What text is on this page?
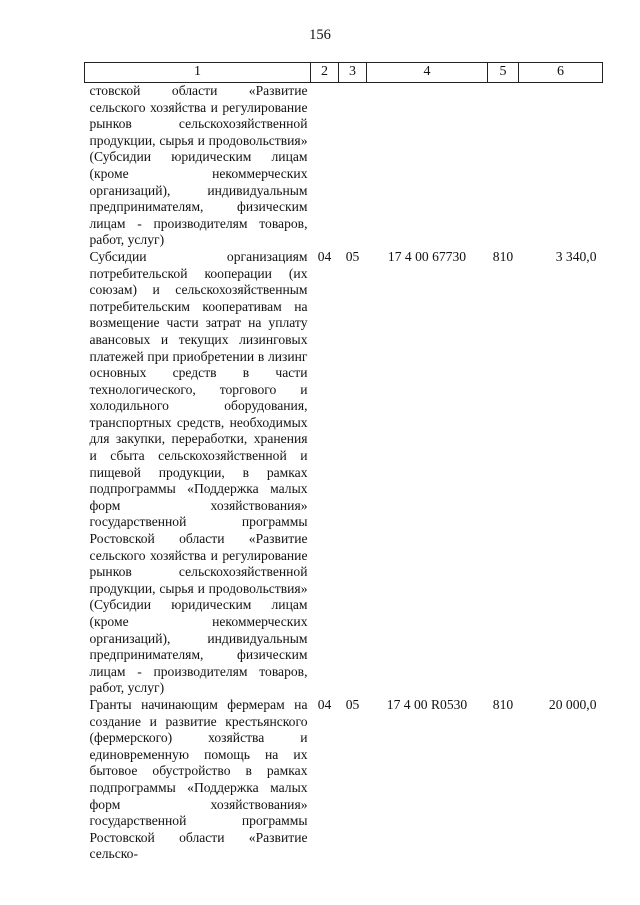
156
1	2	3	4	5	6
стовской области «Развитие сельского хозяйства и регулирование рынков сельскохозяйственной продукции, сырья и продовольствия» (Субсидии юридическим лицам (кроме некоммерческих организаций), индивидуальным предпринимателям, физическим лицам - производителям товаров, работ, услуг)					
Субсидии организациям потребительской кооперации (их союзам) и сельскохозяйственным потребительским кооперативам на возмещение части затрат на уплату авансовых и текущих лизинговых платежей при приобретении в лизинг основных средств в части технологического, торгового и холодильного оборудования, транспортных средств, необходимых для закупки, переработки, хранения и сбыта сельскохозяйственной и пищевой продукции, в рамках подпрограммы «Поддержка малых форм хозяйствования» государственной программы Ростовской области «Развитие сельского хозяйства и регулирование рынков сельскохозяйственной продукции, сырья и продовольствия» (Субсидии юридическим лицам (кроме некоммерческих организаций), индивидуальным предпринимателям, физическим лицам - производителям товаров, работ, услуг)	04	05	17 4 00 67730	810	3 340,0
Гранты начинающим фермерам на создание и развитие крестьянского (фермерского) хозяйства и единовременную помощь на их бытовое обустройство в рамках подпрограммы «Поддержка малых форм хозяйствования» государственной программы Ростовской области «Развитие сельско-	04	05	17 4 00 R0530	810	20 000,0
